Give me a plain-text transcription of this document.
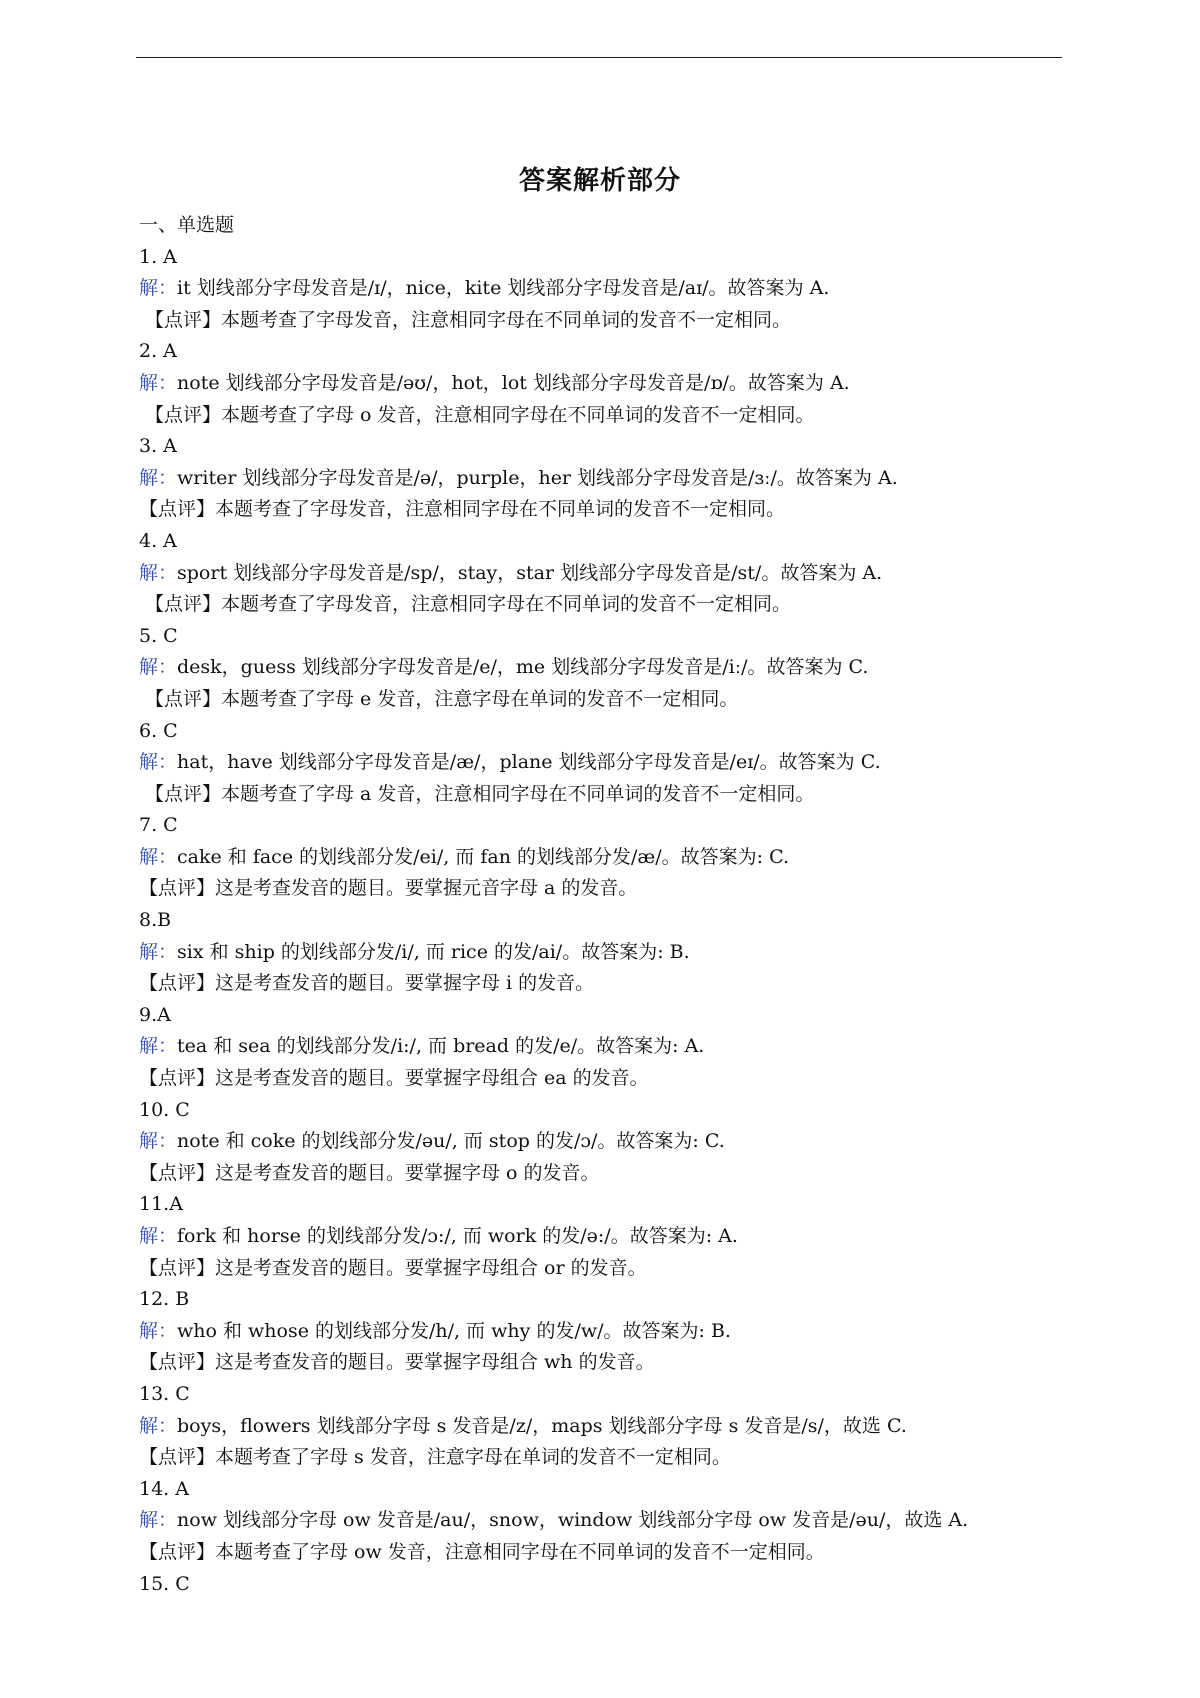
答案解析部分
一、单选题
1. A
解：it 划线部分字母发音是/ɪ/，nice，kite 划线部分字母发音是/aɪ/。故答案为 A.
【点评】本题考查了字母发音，注意相同字母在不同单词的发音不一定相同。
2. A
解：note 划线部分字母发音是/əʊ/，hot，lot 划线部分字母发音是/ɒ/。故答案为 A.
【点评】本题考查了字母 o 发音，注意相同字母在不同单词的发音不一定相同。
3. A
解：writer 划线部分字母发音是/ə/，purple，her 划线部分字母发音是/ɜː/。故答案为 A.
【点评】本题考查了字母发音，注意相同字母在不同单词的发音不一定相同。
4. A
解：sport 划线部分字母发音是/sp/，stay，star 划线部分字母发音是/st/。故答案为 A.
【点评】本题考查了字母发音，注意相同字母在不同单词的发音不一定相同。
5. C
解：desk，guess 划线部分字母发音是/e/，me 划线部分字母发音是/iː/。故答案为 C.
【点评】本题考查了字母 e 发音，注意字母在单词的发音不一定相同。
6. C
解：hat，have 划线部分字母发音是/æ/，plane 划线部分字母发音是/eɪ/。故答案为 C.
【点评】本题考查了字母 a 发音，注意相同字母在不同单词的发音不一定相同。
7. C
解：cake 和 face 的划线部分发/ei/, 而 fan 的划线部分发/æ/。故答案为: C.
【点评】这是考查发音的题目。要掌握元音字母 a 的发音。
8.B
解：six 和 ship 的划线部分发/i/, 而 rice 的发/ai/。故答案为: B.
【点评】这是考查发音的题目。要掌握字母 i 的发音。
9.A
解：tea 和 sea 的划线部分发/i:/, 而 bread 的发/e/。故答案为: A.
【点评】这是考查发音的题目。要掌握字母组合 ea 的发音。
10. C
解：note 和 coke 的划线部分发/əu/, 而 stop 的发/ɔ/。故答案为: C.
【点评】这是考查发音的题目。要掌握字母 o 的发音。
11.A
解：fork 和 horse 的划线部分发/ɔ:/, 而 work 的发/ə:/。故答案为: A.
【点评】这是考查发音的题目。要掌握字母组合 or 的发音。
12. B
解：who 和 whose 的划线部分发/h/, 而 why 的发/w/。故答案为: B.
【点评】这是考查发音的题目。要掌握字母组合 wh 的发音。
13. C
解：boys，flowers 划线部分字母 s 发音是/z/，maps 划线部分字母 s 发音是/s/，故选 C.
【点评】本题考查了字母 s 发音，注意字母在单词的发音不一定相同。
14. A
解：now 划线部分字母 ow 发音是/au/，snow，window 划线部分字母 ow 发音是/əu/，故选 A.
【点评】本题考查了字母 ow 发音，注意相同字母在不同单词的发音不一定相同。
15. C
